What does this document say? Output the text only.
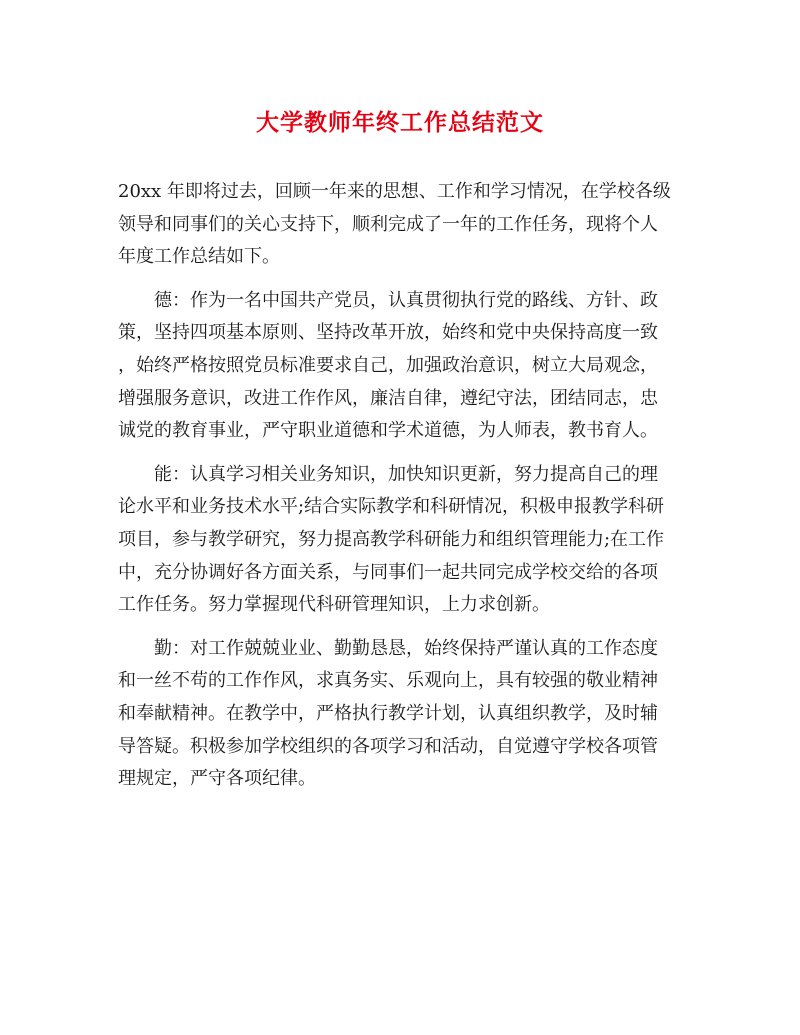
大学教师年终工作总结范文

20xx 年即将过去，回顾一年来的思想、工作和学习情况，在学校各级
领导和同事们的关心支持下，顺利完成了一年的工作任务，现将个人
年度工作总结如下。

　　德：作为一名中国共产党员，认真贯彻执行党的路线、方针、政
策，坚持四项基本原则、坚持改革开放，始终和党中央保持高度一致
，始终严格按照党员标准要求自己，加强政治意识，树立大局观念，
增强服务意识，改进工作作风，廉洁自律，遵纪守法，团结同志，忠
诚党的教育事业，严守职业道德和学术道德，为人师表，教书育人。

　　能：认真学习相关业务知识，加快知识更新，努力提高自己的理
论水平和业务技术水平;结合实际教学和科研情况，积极申报教学科研
项目，参与教学研究，努力提高教学科研能力和组织管理能力;在工作
中，充分协调好各方面关系，与同事们一起共同完成学校交给的各项
工作任务。努力掌握现代科研管理知识，上力求创新。

　　勤：对工作兢兢业业、勤勤恳恳，始终保持严谨认真的工作态度
和一丝不苟的工作作风，求真务实、乐观向上，具有较强的敬业精神
和奉献精神。在教学中，严格执行教学计划，认真组织教学，及时辅
导答疑。积极参加学校组织的各项学习和活动，自觉遵守学校各项管
理规定，严守各项纪律。
